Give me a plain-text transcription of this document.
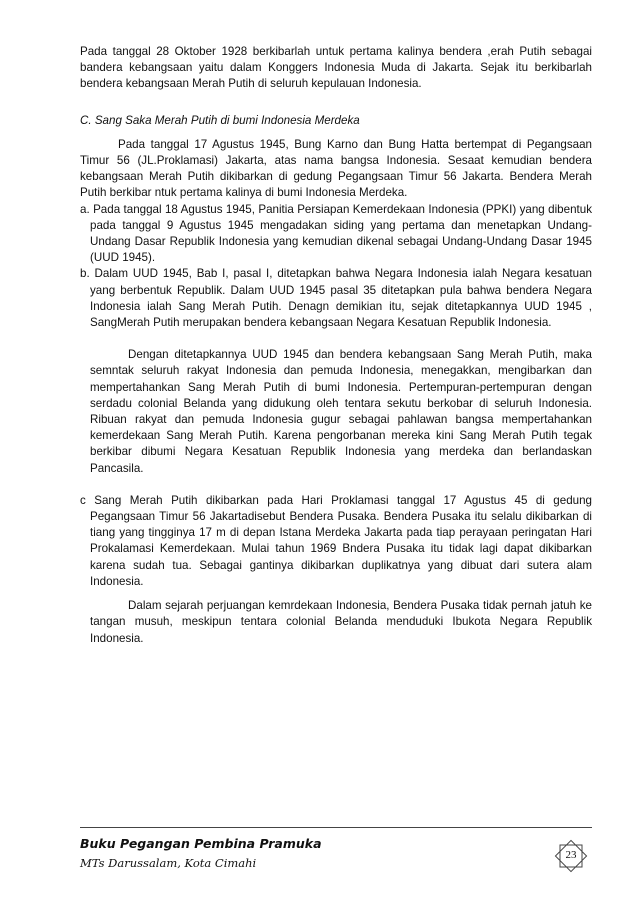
Pada tanggal 28 Oktober 1928 berkibarlah untuk pertama kalinya bendera ,erah Putih sebagai bandera kebangsaan yaitu dalam Konggers Indonesia Muda di Jakarta. Sejak itu berkibarlah bendera kebangsaan Merah Putih di seluruh kepulauan Indonesia.

C. Sang Saka Merah Putih di bumi Indonesia Merdeka

Pada tanggal 17 Agustus 1945, Bung Karno dan Bung Hatta bertempat di Pegangsaan Timur 56 (JL.Proklamasi) Jakarta, atas nama bangsa Indonesia. Sesaat kemudian bendera kebangsaan Merah Putih dikibarkan di gedung Pegangsaan Timur 56 Jakarta. Bendera Merah Putih berkibar ntuk pertama kalinya di bumi Indonesia Merdeka.

a. Pada tanggal 18 Agustus 1945, Panitia Persiapan Kemerdekaan Indonesia (PPKI) yang dibentuk pada tanggal 9 Agustus 1945 mengadakan siding yang pertama dan menetapkan Undang-Undang Dasar Republik Indonesia yang kemudian dikenal sebagai Undang-Undang Dasar 1945 (UUD 1945).

b. Dalam UUD 1945, Bab I, pasal I, ditetapkan bahwa Negara Indonesia ialah Negara kesatuan yang berbentuk Republik. Dalam UUD 1945 pasal 35 ditetapkan pula bahwa bendera Negara Indonesia ialah Sang Merah Putih. Denagn demikian itu, sejak ditetapkannya UUD 1945 , SangMerah Putih merupakan bendera kebangsaan Negara Kesatuan Republik Indonesia.

Dengan ditetapkannya UUD 1945 dan bendera kebangsaan Sang Merah Putih, maka semntak seluruh rakyat Indonesia dan pemuda Indonesia, menegakkan, mengibarkan dan mempertahankan Sang Merah Putih di bumi Indonesia. Pertempuran-pertempuran dengan serdadu colonial Belanda yang didukung oleh tentara sekutu berkobar di seluruh Indonesia. Ribuan rakyat dan pemuda Indonesia gugur sebagai pahlawan bangsa mempertahankan kemerdekaan Sang Merah Putih. Karena pengorbanan mereka kini Sang Merah Putih tegak berkibar dibumi Negara Kesatuan Republik Indonesia yang merdeka dan berlandaskan Pancasila.

c Sang Merah Putih dikibarkan pada Hari Proklamasi tanggal 17 Agustus 45 di gedung Pegangsaan Timur 56 Jakartadisebut Bendera Pusaka. Bendera Pusaka itu selalu dikibarkan di tiang yang tingginya 17 m di depan Istana Merdeka Jakarta pada tiap perayaan peringatan Hari Prokalamasi Kemerdekaan. Mulai tahun 1969 Bndera Pusaka itu tidak lagi dapat dikibarkan karena sudah tua. Sebagai gantinya dikibarkan duplikatnya yang dibuat dari sutera alam Indonesia.

Dalam sejarah perjuangan kemrdekaan Indonesia, Bendera Pusaka tidak pernah jatuh ke tangan musuh, meskipun tentara colonial Belanda menduduki Ibukota Negara Republik Indonesia.

Buku Pegangan Pembina Pramuka
MTs Darussalam, Kota Cimahi
23
